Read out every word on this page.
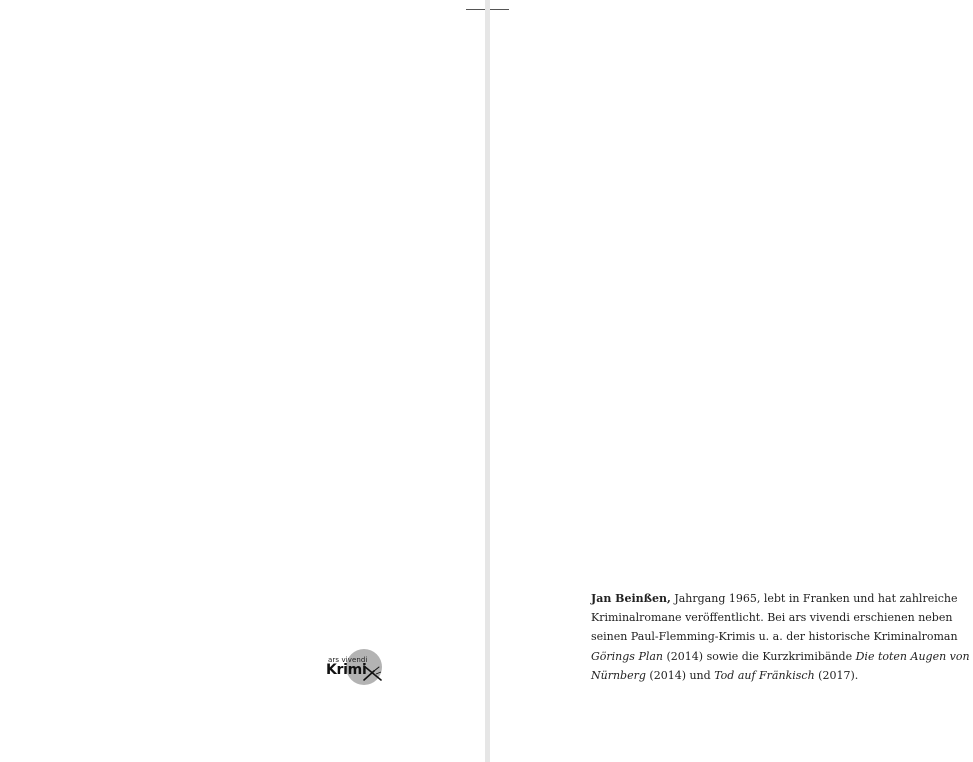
ars vivendi
Krimi
Jan Beinßen, Jahrgang 1965, lebt in Franken und hat zahlreiche
Kriminalromane veröffentlicht. Bei ars vivendi erschienen neben
seinen Paul-Flemming-Krimis u. a. der historische Kriminalroman
Görings Plan (2014) sowie die Kurzkrimibände Die toten Augen von
Nürnberg (2014) und Tod auf Fränkisch (2017).
